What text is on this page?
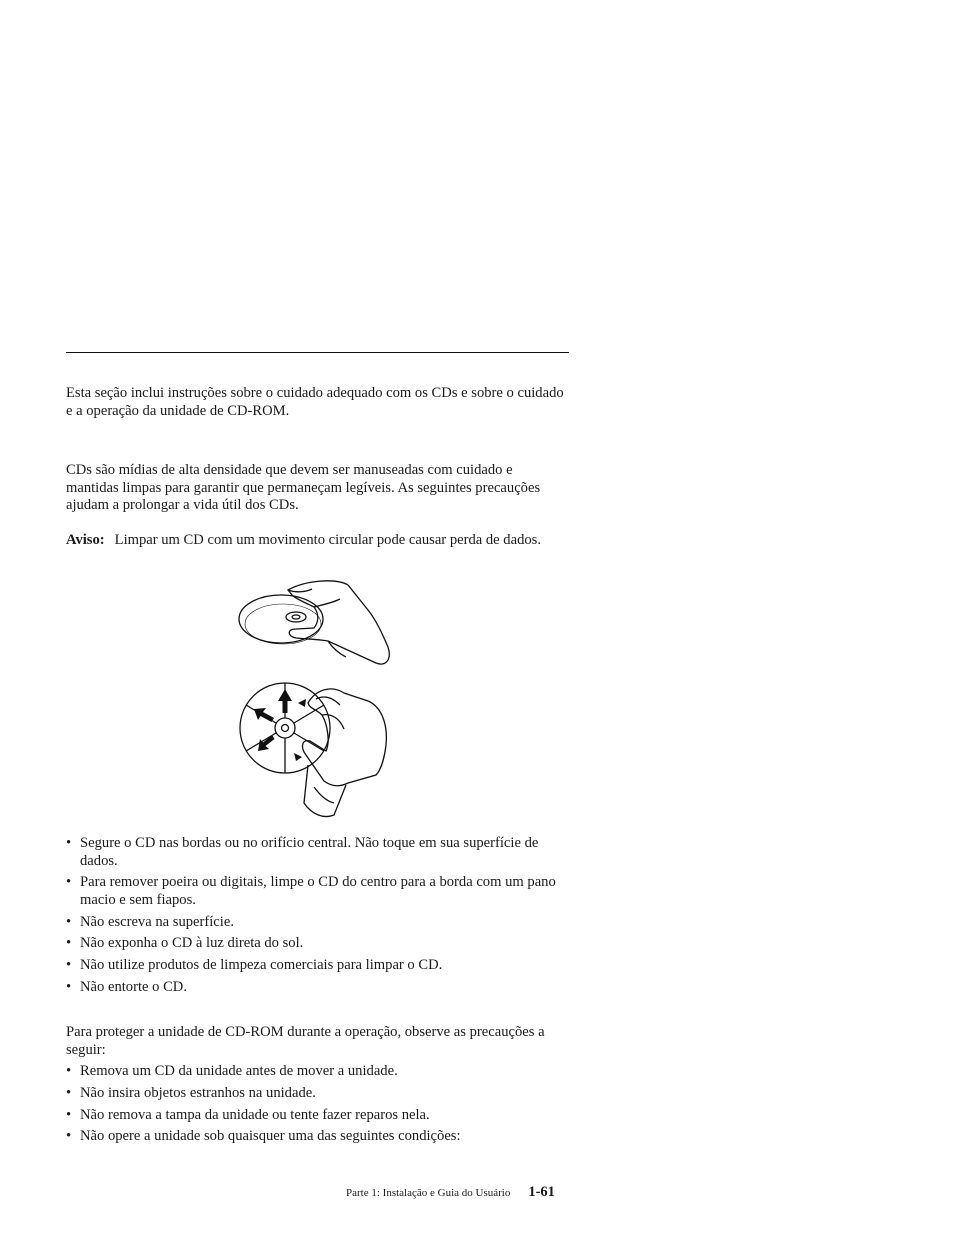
Esta seção inclui instruções sobre o cuidado adequado com os CDs e sobre o cuidado e a operação da unidade de CD-ROM.

CDs são mídias de alta densidade que devem ser manuseadas com cuidado e mantidas limpas para garantir que permaneçam legíveis. As seguintes precauções ajudam a prolongar a vida útil dos CDs.

Aviso: Limpar um CD com um movimento circular pode causar perda de dados.

• Segure o CD nas bordas ou no orifício central. Não toque em sua superfície de dados.
• Para remover poeira ou digitais, limpe o CD do centro para a borda com um pano macio e sem fiapos.
• Não escreva na superfície.
• Não exponha o CD à luz direta do sol.
• Não utilize produtos de limpeza comerciais para limpar o CD.
• Não entorte o CD.

Para proteger a unidade de CD-ROM durante a operação, observe as precauções a seguir:

• Remova um CD da unidade antes de mover a unidade.
• Não insira objetos estranhos na unidade.
• Não remova a tampa da unidade ou tente fazer reparos nela.
• Não opere a unidade sob quaisquer uma das seguintes condições:
Parte 1: Instalação e Guia do Usuário 1-61
